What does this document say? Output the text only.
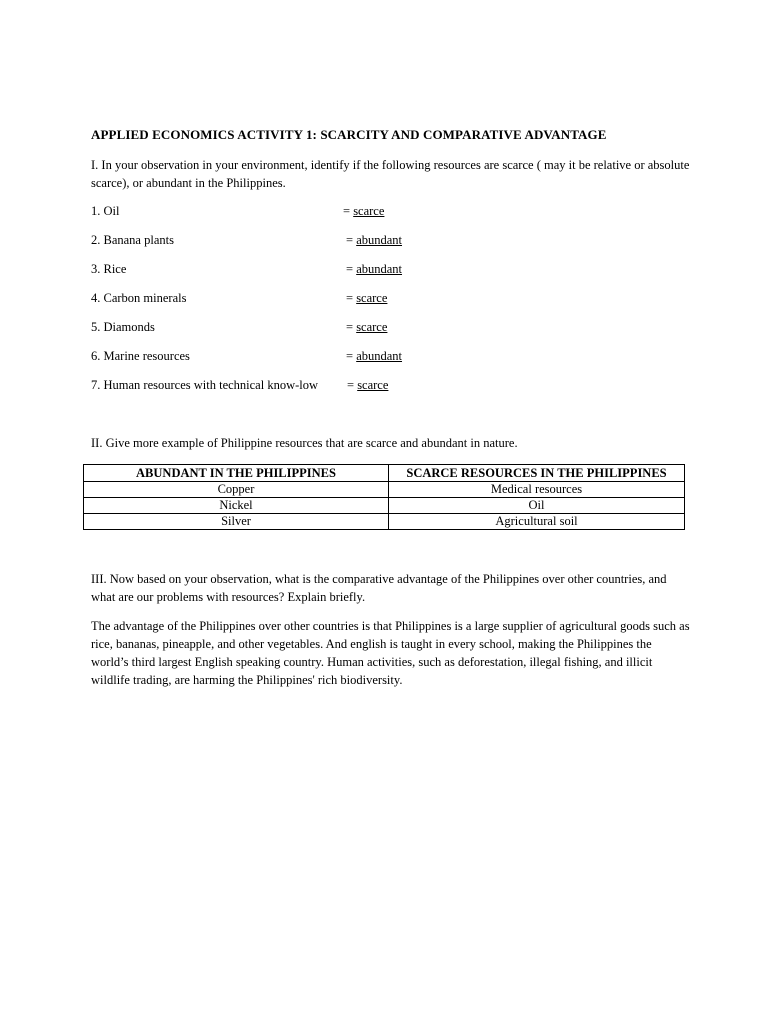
APPLIED ECONOMICS ACTIVITY 1: SCARCITY AND COMPARATIVE ADVANTAGE
I. In your observation in your environment, identify if the following resources are scarce ( may it be relative or absolute scarce), or abundant in the Philippines.
1. Oil	= scarce
2. Banana plants	= abundant
3. Rice	= abundant
4. Carbon minerals	= scarce
5. Diamonds	= scarce
6. Marine resources	= abundant
7. Human resources with technical know-low = scarce
II. Give more example of Philippine resources that are scarce and abundant in nature.
ABUNDANT IN THE PHILIPPINES	SCARCE RESOURCES IN THE PHILIPPINES
Copper	Medical resources
Nickel	Oil
Silver	Agricultural soil
III. Now based on your observation, what is the comparative advantage of the Philippines over other countries, and what are our problems with resources? Explain briefly.
The advantage of the Philippines over other countries is that Philippines is a large supplier of agricultural goods such as rice, bananas, pineapple, and other vegetables. And english is taught in every school, making the Philippines the world’s third largest English speaking country. Human activities, such as deforestation, illegal fishing, and illicit wildlife trading, are harming the Philippines' rich biodiversity.
